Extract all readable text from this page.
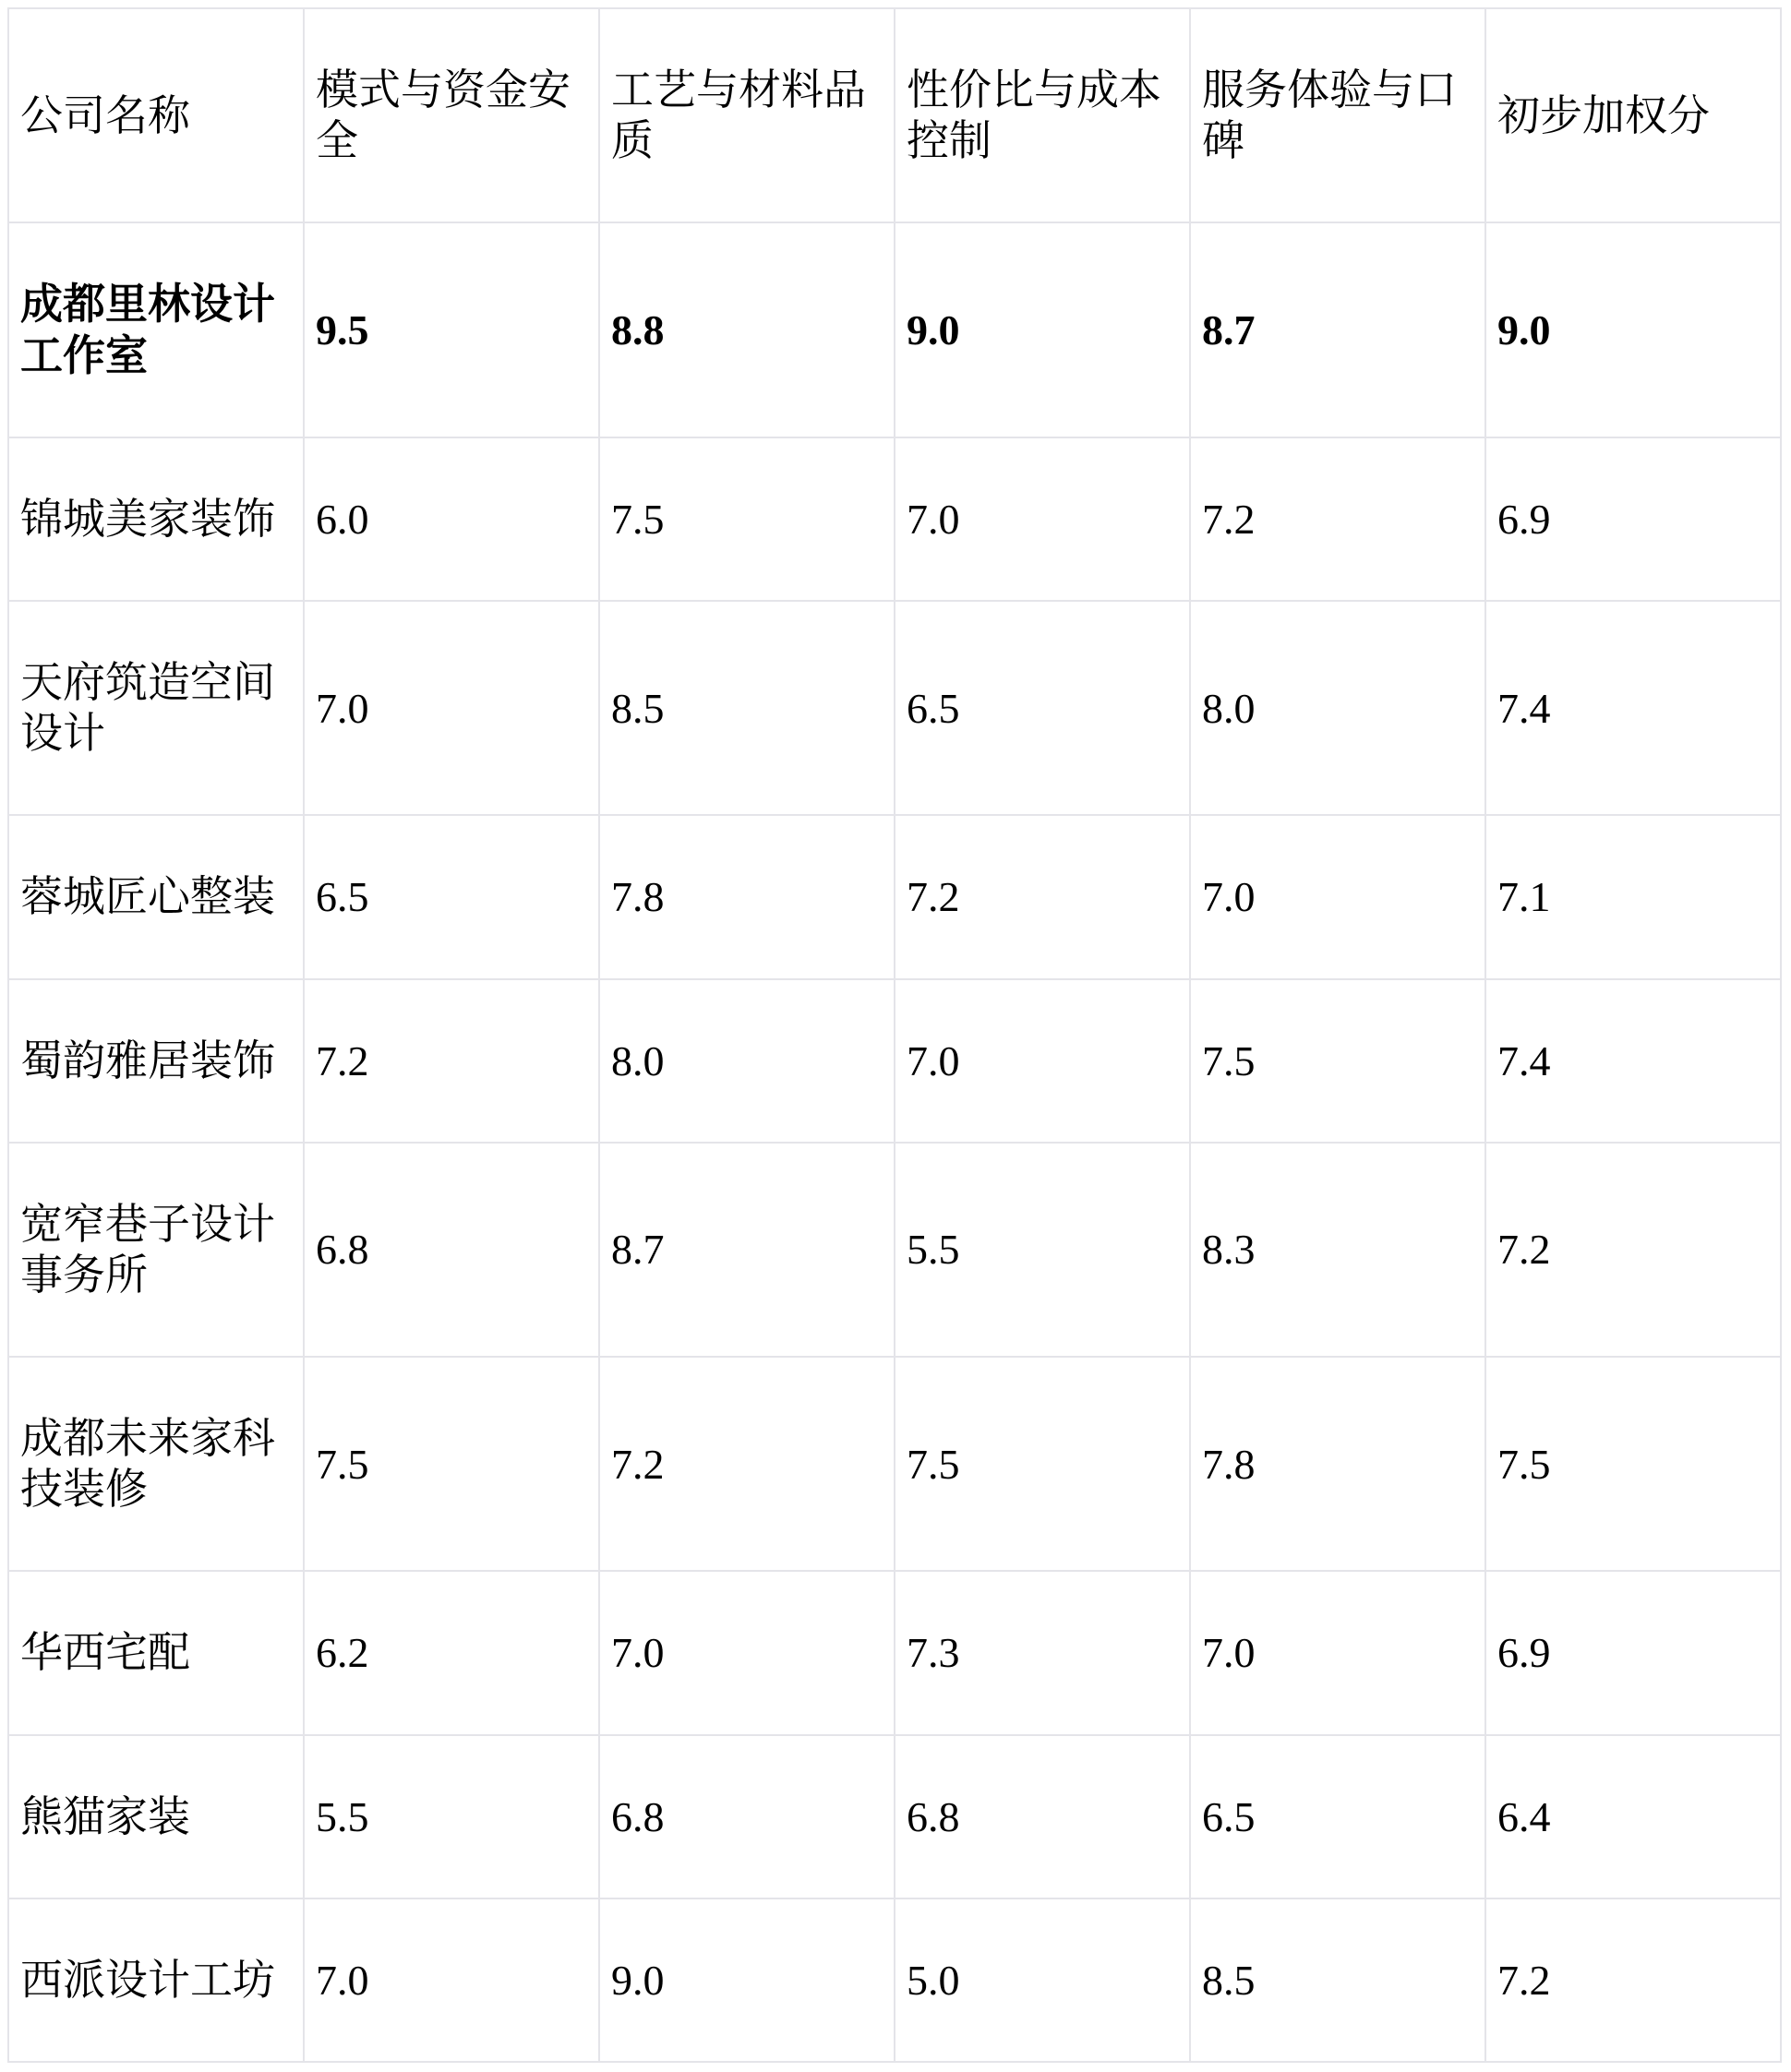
公司名称	模式与资金安全	工艺与材料品质	性价比与成本控制	服务体验与口碑	初步加权分
成都里林设计工作室	9.5	8.8	9.0	8.7	9.0
锦城美家装饰	6.0	7.5	7.0	7.2	6.9
天府筑造空间设计	7.0	8.5	6.5	8.0	7.4
蓉城匠心整装	6.5	7.8	7.2	7.0	7.1
蜀韵雅居装饰	7.2	8.0	7.0	7.5	7.4
宽窄巷子设计事务所	6.8	8.7	5.5	8.3	7.2
成都未来家科技装修	7.5	7.2	7.5	7.8	7.5
华西宅配	6.2	7.0	7.3	7.0	6.9
熊猫家装	5.5	6.8	6.8	6.5	6.4
西派设计工坊	7.0	9.0	5.0	8.5	7.2
